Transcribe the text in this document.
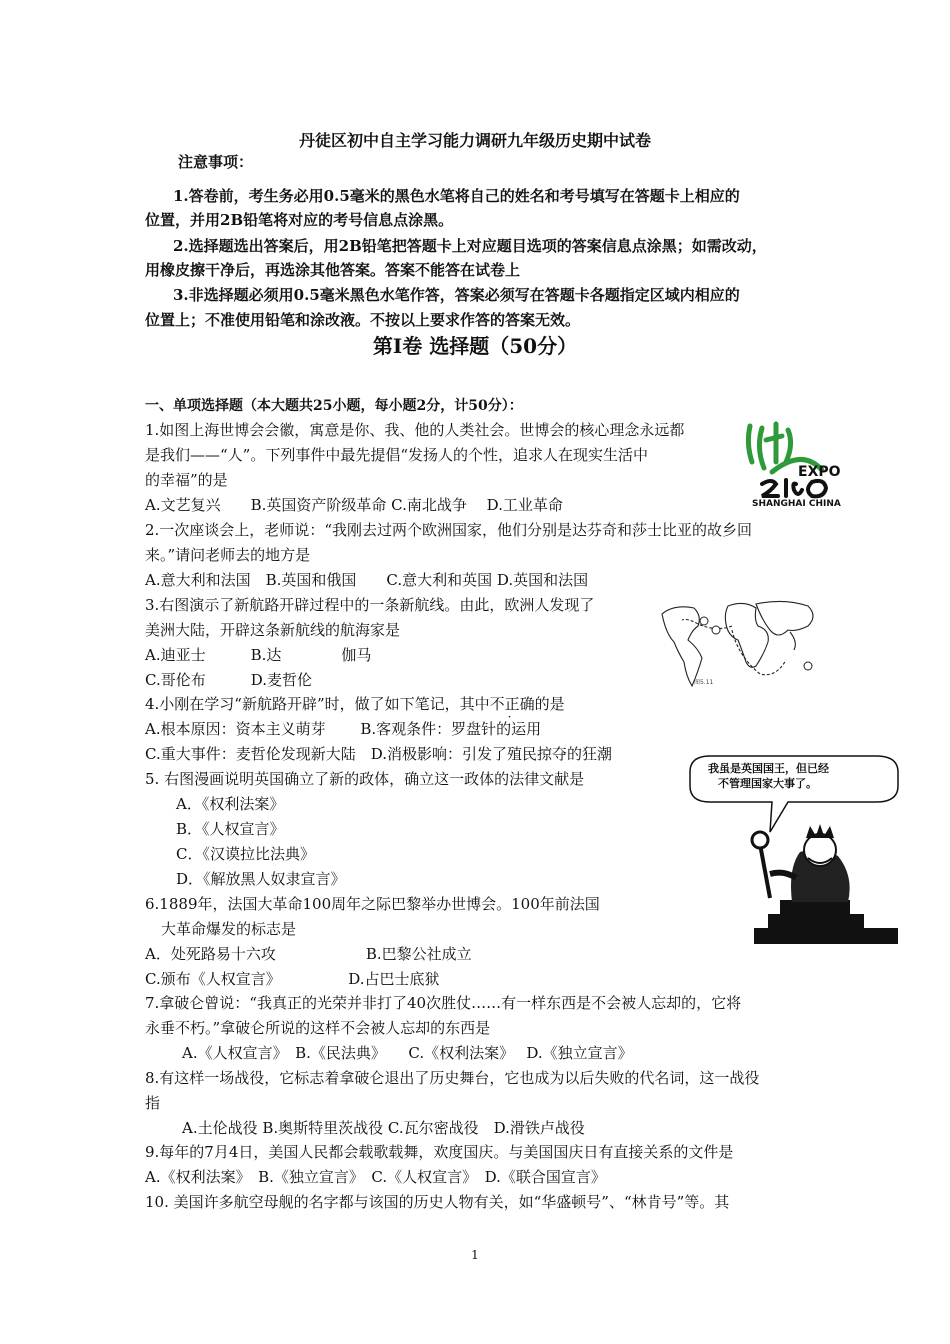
丹徒区初中自主学习能力调研九年级历史期中试卷
注意事项：
1.答卷前，考生务必用0.5毫米的黑色水笔将自己的姓名和考号填写在答题卡上相应的
位置，并用2B铅笔将对应的考号信息点涂黑。
2.选择题选出答案后，用2B铅笔把答题卡上对应题目选项的答案信息点涂黑；如需改动，
用橡皮擦干净后，再选涂其他答案。答案不能答在试卷上
3.非选择题必须用0.5毫米黑色水笔作答，答案必须写在答题卡各题指定区域内相应的
位置上；不准使用铅笔和涂改液。不按以上要求作答的答案无效。
第Ⅰ卷 选择题（50分）
一、单项选择题（本大题共25小题，每小题2分，计50分）：
1.如图上海世博会会徽，寓意是你、我、他的人类社会。世博会的核心理念永远都
是我们——“人”。下列事件中最先提倡“发扬人的个性，追求人在现实生活中
的幸福”的是
A.文艺复兴　　B.英国资产阶级革命 C.南北战争　 D.工业革命
2.一次座谈会上，老师说：“我刚去过两个欧洲国家，他们分别是达芬奇和莎士比亚的故乡回
来。”请问老师去的地方是
A.意大利和法国　B.英国和俄国　　C.意大利和英国 D.英国和法国
3.右图演示了新航路开辟过程中的一条新航线。由此，欧洲人发现了
美洲大陆，开辟这条新航线的航海家是
A.迪亚士　　　B.达　　　　伽马
C.哥伦布　　　D.麦哲伦
4.小刚在学习“新航路开辟”时，做了如下笔记，其中不正确的是
A.根本原因：资本主义萌芽　　 B.客观条件：罗盘针的运用
C.重大事件：麦哲伦发现新大陆　D.消极影响：引发了殖民掠夺的狂潮
5. 右图漫画说明英国确立了新的政体，确立这一政体的法律文献是
A．《权利法案》
B．《人权宣言》
C．《汉谟拉比法典》
D．《解放黑人奴隶宣言》
6.1889年，法国大革命100周年之际巴黎举办世博会。100年前法国
大革命爆发的标志是
A．处死路易十六攻　　　　　　B.巴黎公社成立
C.颁布《人权宣言》　　　　　D.占巴士底狱
7.拿破仑曾说：“我真正的光荣并非打了40次胜仗……有一样东西是不会被人忘却的，它将
永垂不朽。”拿破仑所说的这样不会被人忘却的东西是
A.《人权宣言》　B.《民法典》　　C.《权利法案》　 D.《独立宣言》
8.有这样一场战役，它标志着拿破仑退出了历史舞台，它也成为以后失败的代名词，这一战役
指
A.土伦战役 B.奥斯特里茨战役 C.瓦尔密战役　D.滑铁卢战役
9.每年的7月4日，美国人民都会载歌载舞，欢度国庆。与美国国庆日有直接关系的文件是
A.《权利法案》　B.《独立宣言》　C.《人权宣言》　D.《联合国宣言》
10. 美国许多航空母舰的名字都与该国的历史人物有关，如“华盛顿号”、“林肯号”等。其
1
EXPO
SHANGHAI CHINA
图5.11
我虽是英国国王，但已经
不管理国家大事了。
